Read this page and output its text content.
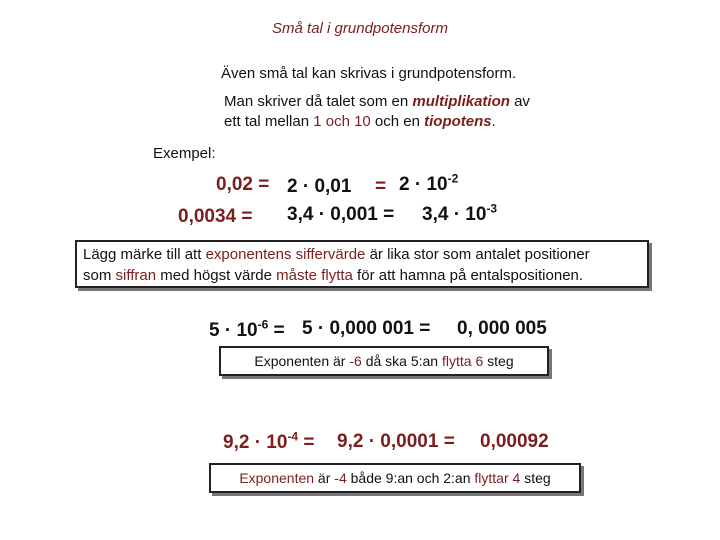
Små tal i grundpotensform
Även små tal kan skrivas i grundpotensform.
Man skriver då talet som en multiplikation av
ett tal mellan 1 och 10 och en tiopotens.
Exempel:
$0,02 = 2 \cdot 0,01 = 2 \cdot 10^{-2}$
$0,0034 = 3,4 \cdot 0,001 = 3,4 \cdot 10^{-3}$
Lägg märke till att exponentens siffervärde är lika stor som antalet positioner
som siffran med högst värde måste flytta för att hamna på entalspositionen.
$5 \cdot 10^{-6} = 5 \cdot 0,000$ 001 = 0, 000 005
Exponenten är -6 då ska 5:an flytta 6 steg
$9,2 \cdot 10^{-4} = 9,2 \cdot 0,0001 = 0,00092$
Exponenten är -4 både 9:an och 2:an flyttar 4 steg
